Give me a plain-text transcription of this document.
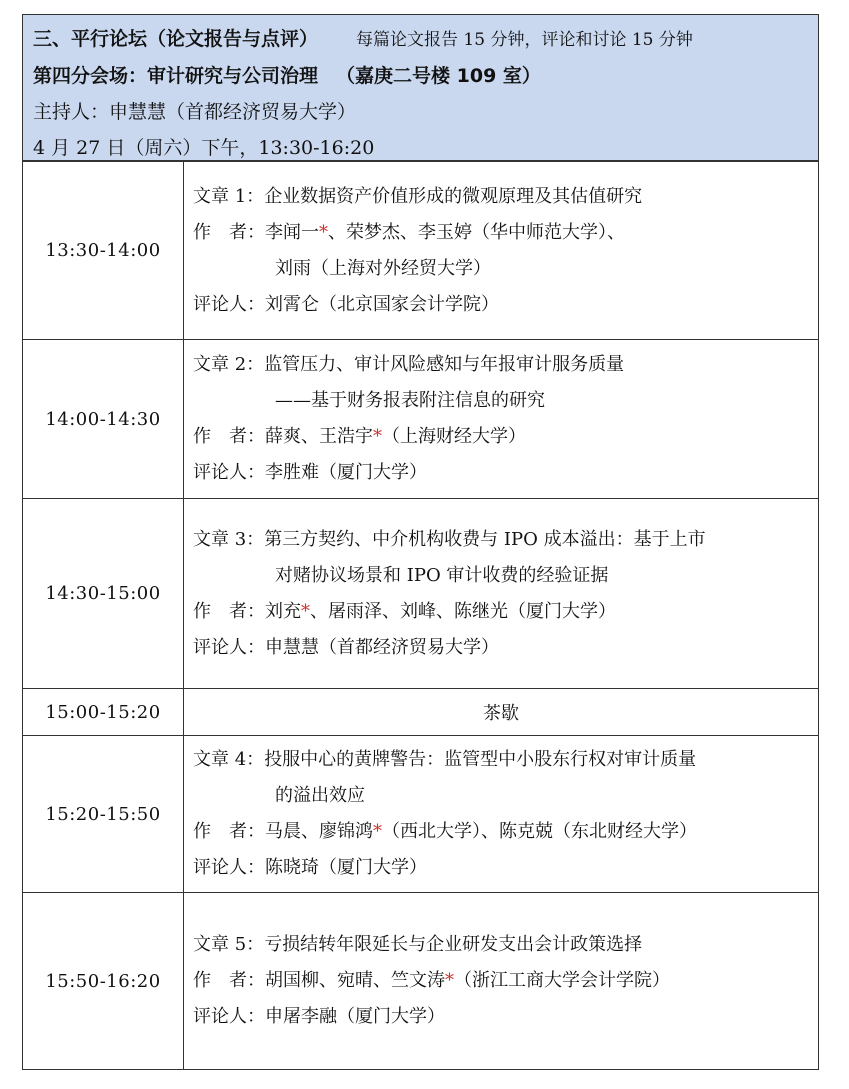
三、平行论坛（论文报告与点评） 每篇论文报告 15 分钟，评论和讨论 15 分钟
第四分会场：审计研究与公司治理 （嘉庚二号楼 109 室）
主持人：申慧慧（首都经济贸易大学）
4 月 27 日（周六）下午，13:30-16:20
13:30-14:00	文章 1：企业数据资产价值形成的微观原理及其估值研究
作　者：李闻一*、荣梦杰、李玉婷（华中师范大学）、
刘雨（上海对外经贸大学）
评论人：刘霄仑（北京国家会计学院）

14:00-14:30	文章 2：监管压力、审计风险感知与年报审计服务质量
——基于财务报表附注信息的研究
作　者：薛爽、王浩宇*（上海财经大学）
评论人：李胜难（厦门大学）

14:30-15:00	文章 3：第三方契约、中介机构收费与 IPO 成本溢出：基于上市
对赌协议场景和 IPO 审计收费的经验证据
作　者：刘充*、屠雨泽、刘峰、陈继光（厦门大学）
评论人：申慧慧（首都经济贸易大学）

15:00-15:20	茶歇
15:20-15:50	文章 4：投服中心的黄牌警告：监管型中小股东行权对审计质量
的溢出效应
作　者：马晨、廖锦鸿*（西北大学）、陈克兢（东北财经大学）
评论人：陈晓琦（厦门大学）

15:50-16:20	文章 5：亏损结转年限延长与企业研发支出会计政策选择
作　者：胡国柳、宛晴、竺文涛*（浙江工商大学会计学院）
评论人：申屠李融（厦门大学）
